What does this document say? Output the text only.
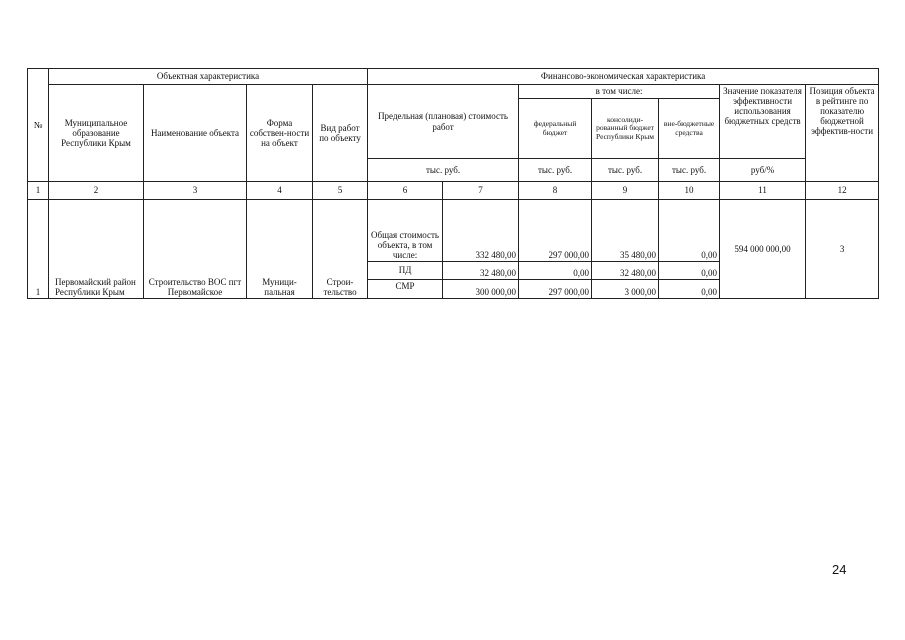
№	Объектная характеристика				Финансово-экономическая характеристика						
	Муниципальное образование Республики Крым	Наименование объекта	Форма собствен-ности на объект	Вид работ по объекту	Предельная (плановая) стоимость работ		в том числе:			Значение показателя эффективности использования бюджетных средств	Позиция объекта в рейтинге по показателю бюджетной эффектив-ности
							федеральный бюджет	консолиди-рованный бюджет Республики Крым	вне-бюджетные средства		
					тыс. руб.		тыс. руб.	тыс. руб.	тыс. руб.	руб/%	
1	2	3	4	5	6	7	8	9	10	11	12
1	Первомайский район Республики Крым	Строительство ВОС пгт Первомайское	Муници-пальная	Строи-тельство	Общая стоимость объекта, в том числе:	332 480,00	297 000,00	35 480,00	0,00	594 000 000,00	3
					ПД	32 480,00	0,00	32 480,00	0,00		
					СМР	300 000,00	297 000,00	3 000,00	0,00		
24
